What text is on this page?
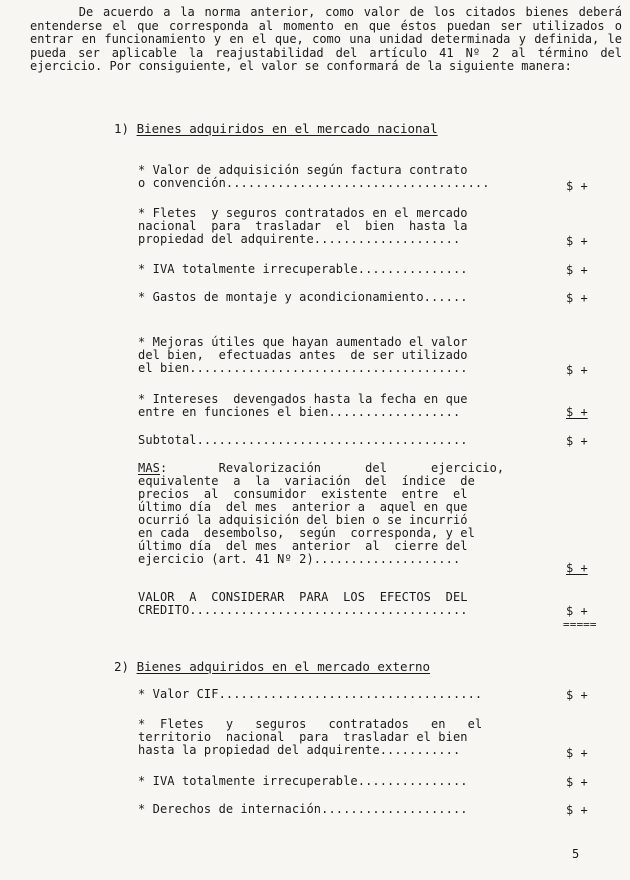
De acuerdo a la norma anterior, como valor de los citados bienes deberá entenderse el que corresponda al momento en que éstos puedan ser utilizados o entrar en funcionamiento y en el que, como una unidad determinada y definida, le pueda ser aplicable la reajustabilidad del artículo 41 Nº 2 al término del ejercicio. Por consiguiente, el valor se conformará de la siguiente manera:

1) Bienes adquiridos en el mercado nacional
* Valor de adquisición según factura contrato
o convención....................................	$ +
* Fletes  y seguros contratados en el mercado
nacional  para  trasladar  el  bien  hasta la
propiedad del adquirente....................	$ +
* IVA totalmente irrecuperable...............	$ +
* Gastos de montaje y acondicionamiento......	$ +
* Mejoras útiles que hayan aumentado el valor
del bien,  efectuadas antes  de ser utilizado
el bien......................................	$ +
* Intereses  devengados hasta la fecha en que
entre en funciones el bien..................	$ +
Subtotal.....................................	$ +
MAS:       Revalorización      del      ejercicio,
equivalente  a  la  variación  del  índice  de
precios  al  consumidor  existente  entre  el
último día  del mes  anterior a  aquel en que
ocurrió la adquisición del bien o se incurrió
en cada  desembolso,  según  corresponda, y el
último día  del mes  anterior  al  cierre del
ejercicio (art. 41 Nº 2)....................
$ +
VALOR  A  CONSIDERAR  PARA  LOS  EFECTOS  DEL
CREDITO......................................	$ +
=====
2) Bienes adquiridos en el mercado externo
* Valor CIF....................................	$ +
*  Fletes   y   seguros   contratados   en   el
territorio  nacional  para  trasladar el bien
hasta la propiedad del adquirente...........	$ +
* IVA totalmente irrecuperable...............	$ +
* Derechos de internación....................	$ +
5
